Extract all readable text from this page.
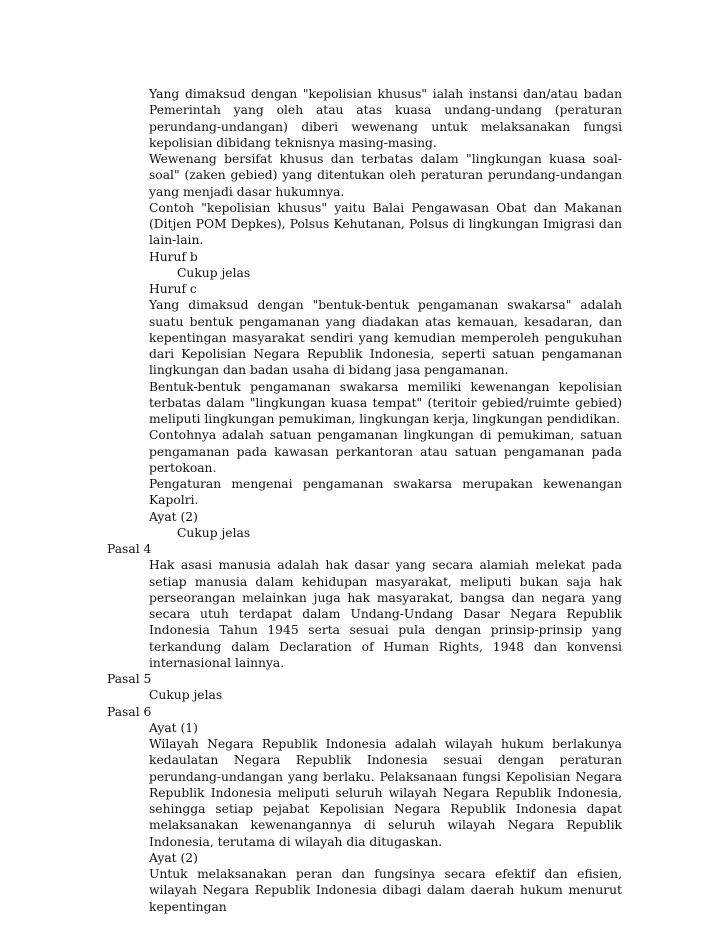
Yang dimaksud dengan "kepolisian khusus" ialah instansi dan/atau badan Pemerintah yang oleh atau atas kuasa undang-undang (peraturan perundang-undangan) diberi wewenang untuk melaksanakan fungsi kepolisian dibidang teknisnya masing-masing.

Wewenang bersifat khusus dan terbatas dalam "lingkungan kuasa soal-soal" (zaken gebied) yang ditentukan oleh peraturan perundang-undangan yang menjadi dasar hukumnya.

Contoh "kepolisian khusus" yaitu Balai Pengawasan Obat dan Makanan (Ditjen POM Depkes), Polsus Kehutanan, Polsus di lingkungan Imigrasi dan lain-lain.

Huruf b

Cukup jelas

Huruf c

Yang dimaksud dengan "bentuk-bentuk pengamanan swakarsa" adalah suatu bentuk pengamanan yang diadakan atas kemauan, kesadaran, dan kepentingan masyarakat sendiri yang kemudian memperoleh pengukuhan dari Kepolisian Negara Republik Indonesia, seperti satuan pengamanan lingkungan dan badan usaha di bidang jasa pengamanan.

Bentuk-bentuk pengamanan swakarsa memiliki kewenangan kepolisian terbatas dalam "lingkungan kuasa tempat" (teritoir gebied/ruimte gebied) meliputi lingkungan pemukiman, lingkungan kerja, lingkungan pendidikan.

Contohnya adalah satuan pengamanan lingkungan di pemukiman, satuan pengamanan pada kawasan perkantoran atau satuan pengamanan pada pertokoan.

Pengaturan mengenai pengamanan swakarsa merupakan kewenangan Kapolri.

Ayat (2)

Cukup jelas

Pasal 4

Hak asasi manusia adalah hak dasar yang secara alamiah melekat pada setiap manusia dalam kehidupan masyarakat, meliputi bukan saja hak perseorangan melainkan juga hak masyarakat, bangsa dan negara yang secara utuh terdapat dalam Undang-Undang Dasar Negara Republik Indonesia Tahun 1945 serta sesuai pula dengan prinsip-prinsip yang terkandung dalam Declaration of Human Rights, 1948 dan konvensi internasional lainnya.

Pasal 5

Cukup jelas

Pasal 6

Ayat (1)

Wilayah Negara Republik Indonesia adalah wilayah hukum berlakunya kedaulatan Negara Republik Indonesia sesuai dengan peraturan perundang-undangan yang berlaku. Pelaksanaan fungsi Kepolisian Negara Republik Indonesia meliputi seluruh wilayah Negara Republik Indonesia, sehingga setiap pejabat Kepolisian Negara Republik Indonesia dapat melaksanakan kewenangannya di seluruh wilayah Negara Republik Indonesia, terutama di wilayah dia ditugaskan.

Ayat (2)

Untuk melaksanakan peran dan fungsinya secara efektif dan efisien, wilayah Negara Republik Indonesia dibagi dalam daerah hukum menurut kepentingan
